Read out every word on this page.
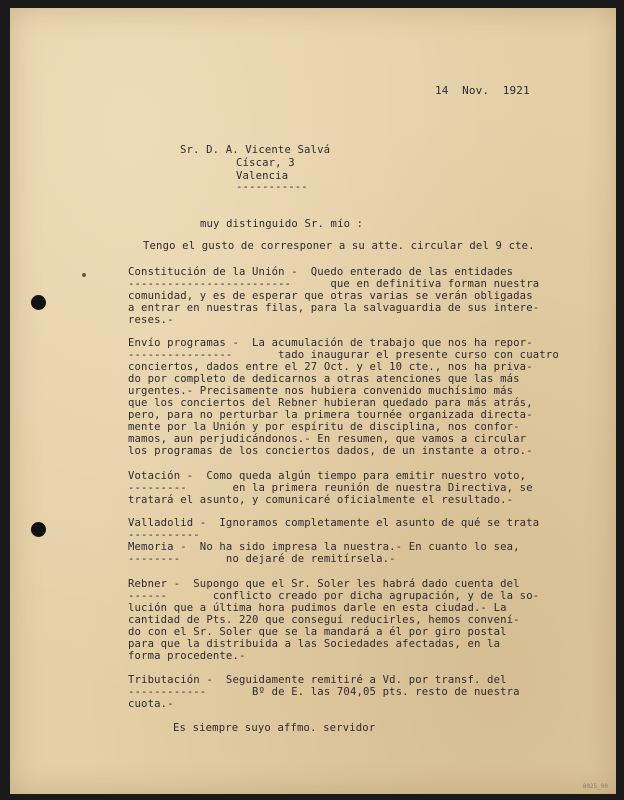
14  Nov.  1921

Sr. D. A. Vicente Salvá

Císcar, 3

Valencia

-----------

muy distinguido Sr. mío :

Tengo el gusto de corresponer a su atte. circular del 9 cte.

Constitución de la Unión -  Quedo enterado de las entidades

-------------------------      que en definitiva forman nuestra

comunidad, y es de esperar que otras varias se verán obligadas

a entrar en nuestras filas, para la salvaguardia de sus intere-

reses.-

Envío programas -  La acumulación de trabajo que nos ha repor-

----------------       tado inaugurar el presente curso con cuatro

conciertos, dados entre el 27 Oct. y el 10 cte., nos ha priva-

do por completo de dedicarnos a otras atenciones que las más

urgentes.- Precisamente nos hubiera convenido muchísimo más

que los conciertos del Rebner hubieran quedado para más atrás,

pero, para no perturbar la primera tournée organizada directa-

mente por la Unión y por espíritu de disciplina, nos confor-

mamos, aun perjudicándonos.- En resumen, que vamos a circular

los programas de los conciertos dados, de un instante a otro.-

Votación -  Como queda algún tiempo para emitir nuestro voto,

---------       en la primera reunión de nuestra Directiva, se

tratará el asunto, y comunicaré oficialmente el resultado.-

Valladolid -  Ignoramos completamente el asunto de qué se trata

-----------

Memoria -  No ha sido impresa la nuestra.- En cuanto lo sea,

--------       no dejaré de remitírsela.-

Rebner -  Supongo que el Sr. Soler les habrá dado cuenta del

------       conflicto creado por dicha agrupación, y de la so-

lución que a última hora pudimos darle en esta ciudad.- La

cantidad de Pts. 220 que conseguí reducirles, hemos convení-

do con el Sr. Soler que se la mandará a él por giro postal

para que la distribuida a las Sociedades afectadas, en la

forma procedente.-

Tributación -  Seguidamente remitiré a Vd. por transf. del

------------       Bº de E. las 704,05 pts. resto de nuestra

cuota.-

Es siempre suyo affmo. servidor

8025_00
